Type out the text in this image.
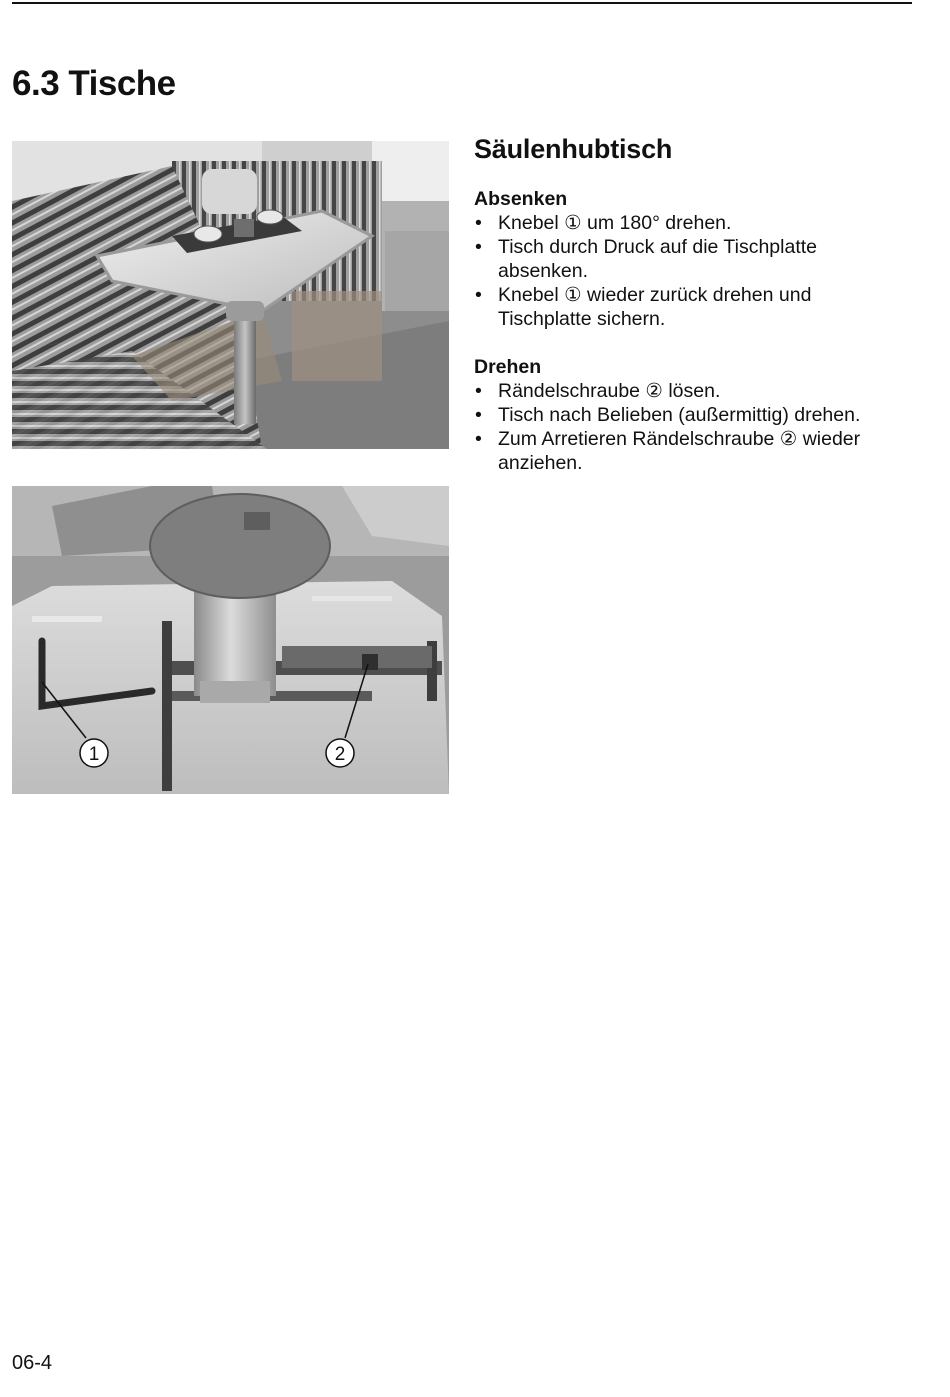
6.3 Tische
1	2
Säulenhubtisch
Absenken
• Knebel ① um 180° drehen.
• Tisch durch Druck auf die Tischplatte absenken.
• Knebel ① wieder zurück drehen und Tischplatte sichern.
Drehen
• Rändelschraube ② lösen.
• Tisch nach Belieben (außermittig) drehen.
• Zum Arretieren Rändelschraube ② wieder anziehen.
06-4
